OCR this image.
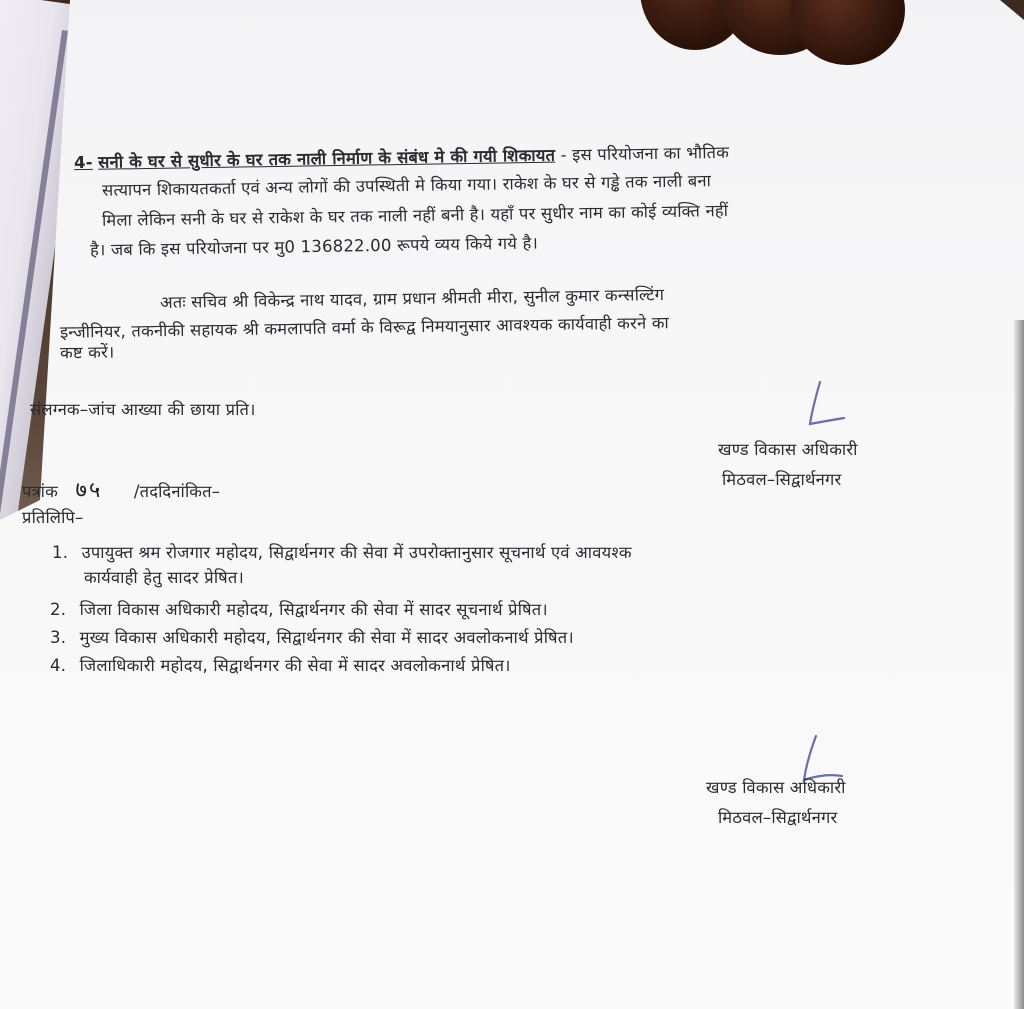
4- सनी के घर से सुधीर के घर तक नाली निर्माण के संबंध मे की गयी शिकायत - इस परियोजना का भौतिक
सत्यापन शिकायतकर्ता एवं अन्य लोगों की उपस्थिती मे किया गया। राकेश के घर से गड्ढे तक नाली बना
मिला लेकिन सनी के घर से राकेश के घर तक नाली नहीं बनी है। यहाँ पर सुधीर नाम का कोई व्यक्ति नहीं
है। जब कि इस परियोजना पर मु0 136822.00 रूपये व्यय किये गये है।
अतः सचिव श्री विकेन्द्र नाथ यादव, ग्राम प्रधान श्रीमती मीरा, सुनील कुमार कन्सल्टिंग
इन्जीनियर, तकनीकी सहायक श्री कमलापति वर्मा के विरूद्व निमयानुसार आवश्यक कार्यवाही करने का
कष्ट करें।
संलग्नक–जांच आख्या की छाया प्रति।
खण्ड विकास अधिकारी
मिठवल–सिद्वार्थनगर
पत्रांक ७५ /तददिनांकित–
प्रतिलिपि–
1. उपायुक्त श्रम रोजगार महोदय, सिद्वार्थनगर की सेवा में उपरोक्तानुसार सूचनार्थ एवं आवयश्क
कार्यवाही हेतु सादर प्रेषित।
2. जिला विकास अधिकारी महोदय, सिद्वार्थनगर की सेवा में सादर सूचनार्थ प्रेषित।
3. मुख्य विकास अधिकारी महोदय, सिद्वार्थनगर की सेवा में सादर अवलोकनार्थ प्रेषित।
4. जिलाधिकारी महोदय, सिद्वार्थनगर की सेवा में सादर अवलोकनार्थ प्रेषित।
खण्ड विकास अधिकारी
मिठवल–सिद्वार्थनगर
